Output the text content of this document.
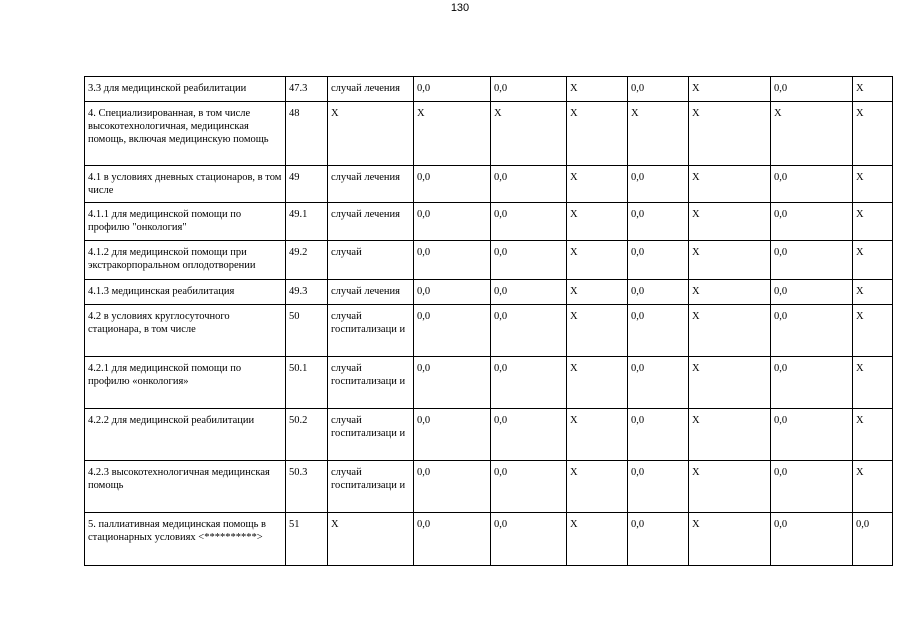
130
3.3 для медицинской реабилитации	47.3	случай лечения	0,0	0,0	X	0,0	X	0,0	X
4. Специализированная, в том числе высокотехнологичная, медицинская помощь, включая медицинскую помощь	48	X	X	X	X	X	X	X	X
4.1 в условиях дневных стационаров, в том числе	49	случай лечения	0,0	0,0	X	0,0	X	0,0	X
4.1.1 для медицинской помощи по профилю "онкология"	49.1	случай лечения	0,0	0,0	X	0,0	X	0,0	X
4.1.2 для медицинской помощи при экстракорпоральном оплодотворении	49.2	случай	0,0	0,0	X	0,0	X	0,0	X
4.1.3 медицинская реабилитация	49.3	случай лечения	0,0	0,0	X	0,0	X	0,0	X
4.2 в условиях круглосуточного стационара, в том числе	50	случай госпитализаци и	0,0	0,0	X	0,0	X	0,0	X
4.2.1 для медицинской помощи по профилю «онкология»	50.1	случай госпитализаци и	0,0	0,0	X	0,0	X	0,0	X
4.2.2 для медицинской реабилитации	50.2	случай госпитализаци и	0,0	0,0	X	0,0	X	0,0	X
4.2.3 высокотехнологичная медицинская помощь	50.3	случай госпитализаци и	0,0	0,0	X	0,0	X	0,0	X
5. паллиативная медицинская помощь в стационарных условиях <**********>	51	X	0,0	0,0	X	0,0	X	0,0	0,0
